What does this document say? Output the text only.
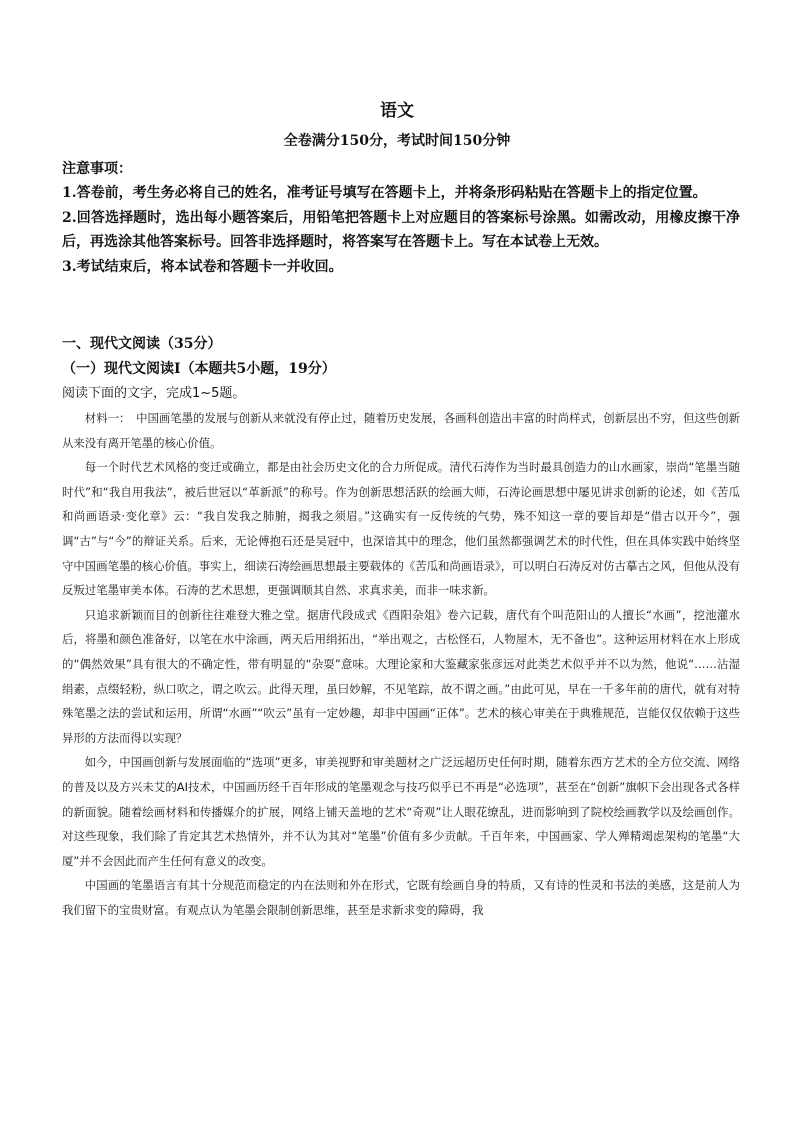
语文
全卷满分150分，考试时间150分钟

注意事项：

1.答卷前，考生务必将自己的姓名，准考证号填写在答题卡上，并将条形码粘贴在答题卡上的指定位置。

2.回答选择题时，选出每小题答案后，用铅笔把答题卡上对应题目的答案标号涂黑。如需改动，用橡皮擦干净后，再选涂其他答案标号。回答非选择题时，将答案写在答题卡上。写在本试卷上无效。

3.考试结束后，将本试卷和答题卡一并收回。

一、现代文阅读（35分）
（一）现代文阅读Ⅰ（本题共5小题，19分）
阅读下面的文字，完成1~5题。

材料一：　中国画笔墨的发展与创新从来就没有停止过，随着历史发展，各画科创造出丰富的时尚样式，创新层出不穷，但这些创新从来没有离开笔墨的核心价值。

每一个时代艺术风格的变迁或确立，都是由社会历史文化的合力所促成。清代石涛作为当时最具创造力的山水画家，崇尚“笔墨当随时代”和“我自用我法”，被后世冠以“革新派”的称号。作为创新思想活跃的绘画大师，石涛论画思想中屡见讲求创新的论述，如《苦瓜和尚画语录·变化章》云：“我自发我之肺腑，揭我之须眉。”这确实有一反传统的气势，殊不知这一章的要旨却是“借古以开今”，强调“古”与“今”的辩证关系。后来，无论傅抱石还是吴冠中，也深谙其中的理念，他们虽然都强调艺术的时代性，但在具体实践中始终坚守中国画笔墨的核心价值。事实上，细读石涛绘画思想最主要载体的《苦瓜和尚画语录》，可以明白石涛反对仿古摹古之风，但他从没有反叛过笔墨审美本体。石涛的艺术思想，更强调顺其自然、求真求美，而非一味求新。

只追求新颖而目的创新往往难登大雅之堂。据唐代段成式《酉阳杂俎》卷六记载，唐代有个叫范阳山的人擅长“水画”，挖池灌水后，将墨和颜色准备好，以笔在水中涂画，两天后用绢拓出，“举出观之，古松怪石，人物屋木，无不备也”。这种运用材料在水上形成的“偶然效果”具有很大的不确定性，带有明显的“杂耍”意味。大理论家和大鉴藏家张彦远对此类艺术似乎并不以为然，他说“……沾湿绢素，点缀轻粉，纵口吹之，谓之吹云。此得天理，虽曰妙解，不见笔踪，故不谓之画。”由此可见，早在一千多年前的唐代，就有对特殊笔墨之法的尝试和运用，所谓“水画”“吹云”虽有一定妙趣，却非中国画“正体”。艺术的核心审美在于典雅规范，岂能仅仅依赖于这些异形的方法而得以实现？

如今，中国画创新与发展面临的“选项”更多，审美视野和审美题材之广泛远超历史任何时期，随着东西方艺术的全方位交流、网络的普及以及方兴未艾的AI技术，中国画历经千百年形成的笔墨观念与技巧似乎已不再是“必选项”，甚至在“创新”旗帜下会出现各式各样的新面貌。随着绘画材料和传播媒介的扩展，网络上铺天盖地的艺术“奇观”让人眼花缭乱，进而影响到了院校绘画教学以及绘画创作。对这些现象，我们除了肯定其艺术热情外，并不认为其对“笔墨”价值有多少贡献。千百年来，中国画家、学人殚精竭虑架构的笔墨“大厦”并不会因此而产生任何有意义的改变。

中国画的笔墨语言有其十分规范而稳定的内在法则和外在形式，它既有绘画自身的特质，又有诗的性灵和书法的美感，这是前人为我们留下的宝贵财富。有观点认为笔墨会限制创新思维，甚至是求新求变的障碍，我
